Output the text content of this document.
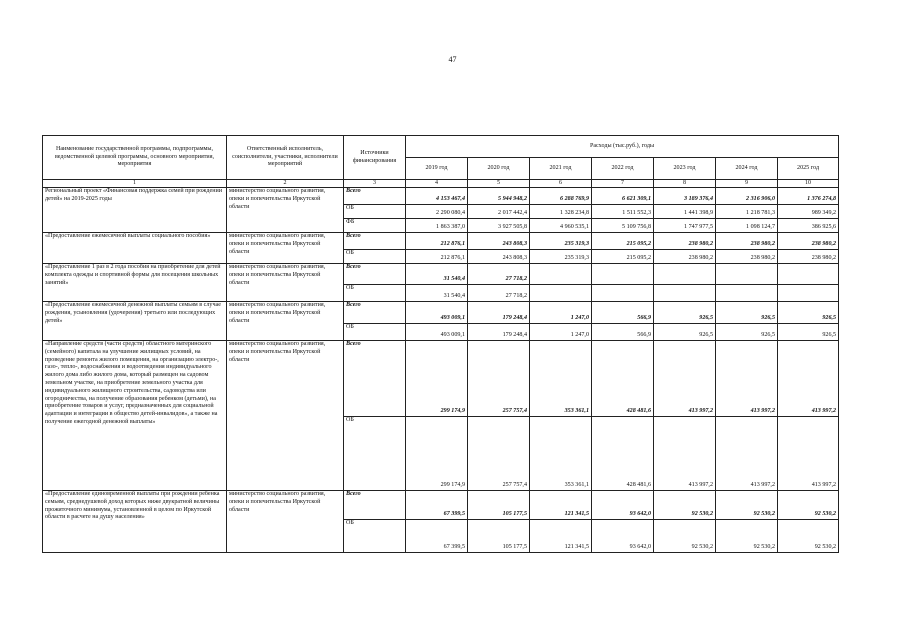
47
Наименование государственной программы, подпрограммы, ведомственной целевой программы, основного мероприятия, мероприятия	Ответственный исполнитель, соисполнители, участники, исполнители мероприятий	Источники финансирования	Расходы (тыс.руб.), годы						
			2019 год	2020 год	2021 год	2022 год	2023 год	2024 год	2025 год
1	2	3	4	5	6	7	8	9	10
Региональный проект «Финансовая поддержка семей при рождении детей» на 2019-2025 годы	министерство социального развития, опеки и попечительства Иркутской области	Всего	4 153 467,4	5 944 948,2	6 288 769,9	6 621 309,1	3 189 376,4	2 316 906,0	1 376 274,8
		ОБ	2 290 080,4	2 017 442,4	1 328 234,8	1 511 552,3	1 441 398,9	1 218 781,3	989 349,2
		ФБ	1 863 387,0	3 927 505,8	4 960 535,1	5 109 756,8	1 747 977,5	1 098 124,7	386 925,6
«Предоставление ежемесячной выплаты социального пособия»	министерство социального развития, опеки и попечительства Иркутской области	Всего	212 876,1	243 808,3	235 319,3	215 095,2	238 980,2	238 980,2	238 980,2
		ОБ	212 876,1	243 808,3	235 319,3	215 095,2	238 980,2	238 980,2	238 980,2
«Предоставление 1 раз в 2 года пособия на приобретение для детей комплекта одежды и спортивной формы для посещения школьных занятий»	министерство социального развития, опеки и попечительства Иркутской области	Всего	31 540,4	27 718,2					
		ОБ	31 540,4	27 718,2					
«Предоставление ежемесячной денежной выплаты семьям в случае рождения, усыновления (удочерения) третьего или последующих детей»	министерство социального развития, опеки и попечительства Иркутской области	Всего	493 009,1	179 248,4	1 247,0	566,9	926,5	926,5	926,5
		ОБ	493 009,1	179 248,4	1 247,0	566,9	926,5	926,5	926,5
«Направление средств (части средств) областного материнского (семейного) капитала на улучшение жилищных условий, на проведение ремонта жилого помещения, на организацию электро-, газо-, тепло-, водоснабжения и водоотведения индивидуального жилого дома либо жилого дома, который размещен на садовом земельном участке, на приобретение земельного участка для индивидуального жилищного строительства, садоводства или огородничества, на получение образования ребенком (детьми), на приобретение товаров и услуг, предназначенных для социальной адаптации и интеграции в общество детей-инвалидов», а также на получение ежегодной денежной выплаты»	министерство социального развития, опеки и попечительства Иркутской области	Всего	299 174,9	257 757,4	353 361,1	428 481,6	413 997,2	413 997,2	413 997,2
		ОБ	299 174,9	257 757,4	353 361,1	428 481,6	413 997,2	413 997,2	413 997,2
«Предоставление единовременной выплаты при рождении ребенка семьям, среднедушевой доход которых ниже двукратной величины прожиточного минимума, установленной в целом по Иркутской области в расчете на душу населения»	министерство социального развития, опеки и попечительства Иркутской области	Всего	67 399,5	105 177,5	121 341,5	93 642,0	92 530,2	92 530,2	92 530,2
		ОБ	67 399,5	105 177,5	121 341,5	93 642,0	92 530,2	92 530,2	92 530,2
